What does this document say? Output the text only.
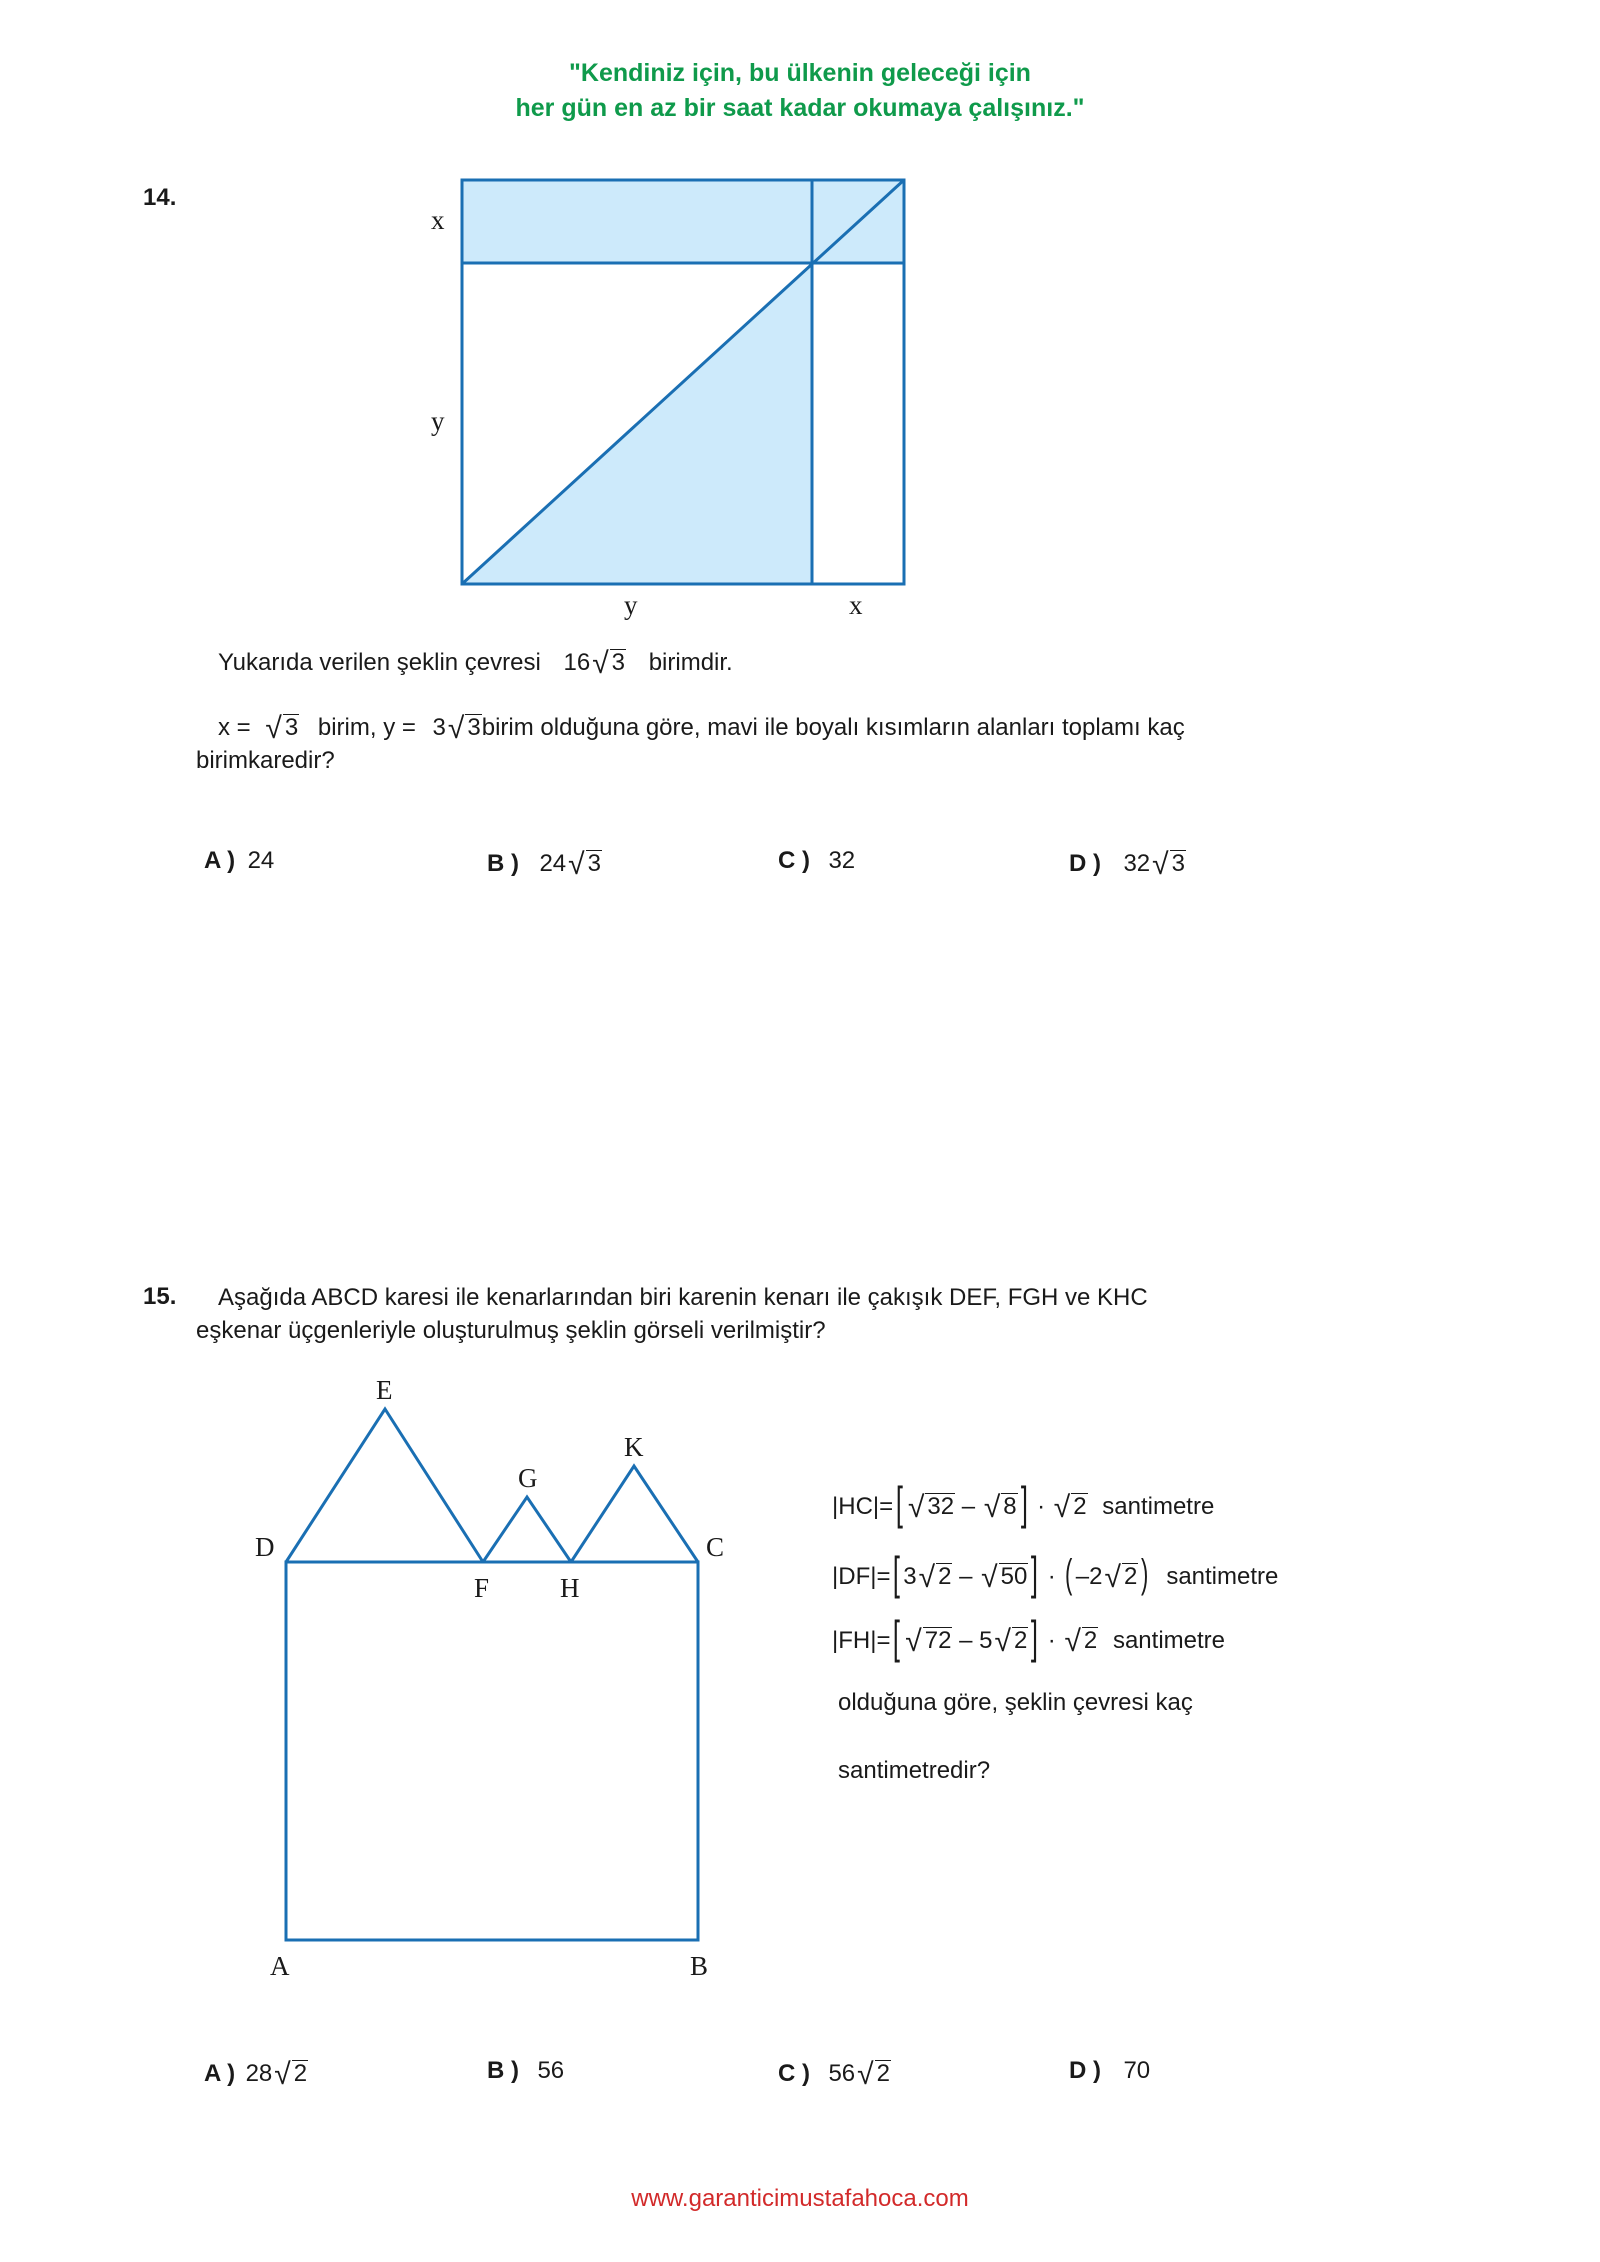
"Kendiniz için, bu ülkenin geleceği için
her gün en az bir saat kadar okumaya çalışınız."
14.
x
y
y	x
Yukarıda verilen şeklin çevresi 16√ 3 birimdir.
x = √ 3 birim, y = 3√ 3birim olduğuna göre, mavi ile boyalı kısımların alanları toplamı kaç
birimkaredir?
A ) 24	B ) 24√ 3	C ) 32	D ) 32√ 3
15. Aşağıda ABCD karesi ile kenarlarından biri karenin kenarı ile çakışık DEF, FGH ve KHC
eşkenar üçgenleriyle oluşturulmuş şeklin görseli verilmiştir?
E
G
K
D	C
F	H
A	B
|HC|=[ √ 32 – √ 8] · √ 2 santimetre
|DF|=[ 3√ 2 – √ 50] · ( –2√ 2) santimetre
|FH|=[ √ 72 – 5√ 2] · √ 2 santimetre
olduğuna göre, şeklin çevresi kaç
santimetredir?
A ) 28√ 2	B ) 56	C ) 56√ 2	D ) 70
www.garanticimustafahoca.com
